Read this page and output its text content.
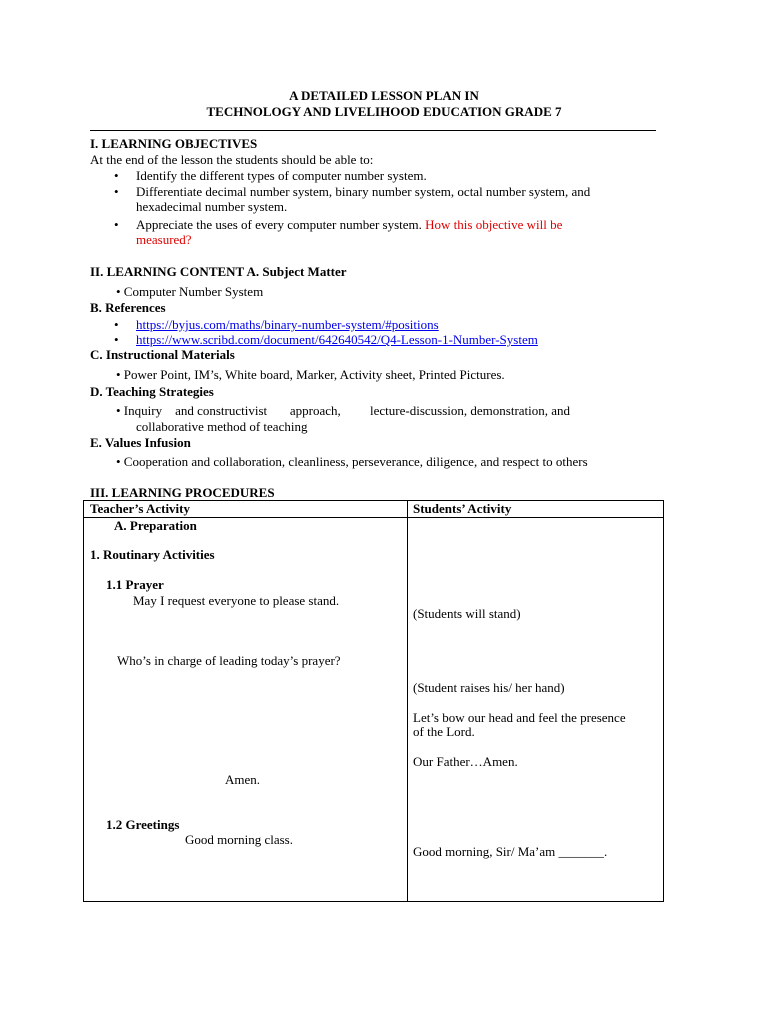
A DETAILED LESSON PLAN IN
TECHNOLOGY AND LIVELIHOOD EDUCATION GRADE 7
I. LEARNING OBJECTIVES
At the end of the lesson the students should be able to:
• Identify the different types of computer number system.
• Differentiate decimal number system, binary number system, octal number system, and
hexadecimal number system.
• Appreciate the uses of every computer number system. How this objective will be
measured?
II. LEARNING CONTENT A. Subject Matter
• Computer Number System
B. References
• https://byjus.com/maths/binary-number-system/#positions
• https://www.scribd.com/document/642640542/Q4-Lesson-1-Number-System
C. Instructional Materials
• Power Point, IM’s, White board, Marker, Activity sheet, Printed Pictures.
D. Teaching Strategies
• Inquiry    and constructivist       approach,         lecture-discussion, demonstration, and
collaborative method of teaching
E. Values Infusion
• Cooperation and collaboration, cleanliness, perseverance, diligence, and respect to others
III. LEARNING PROCEDURES
Teacher’s Activity	Students’ Activity
A. Preparation
1. Routinary Activities
1.1 Prayer
May I request everyone to please stand.
(Students will stand)
Who’s in charge of leading today’s prayer?
(Student raises his/ her hand)
Let’s bow our head and feel the presence
of the Lord.
Our Father…Amen.
Amen.
1.2 Greetings
Good morning class.
Good morning, Sir/ Ma’am _______.
